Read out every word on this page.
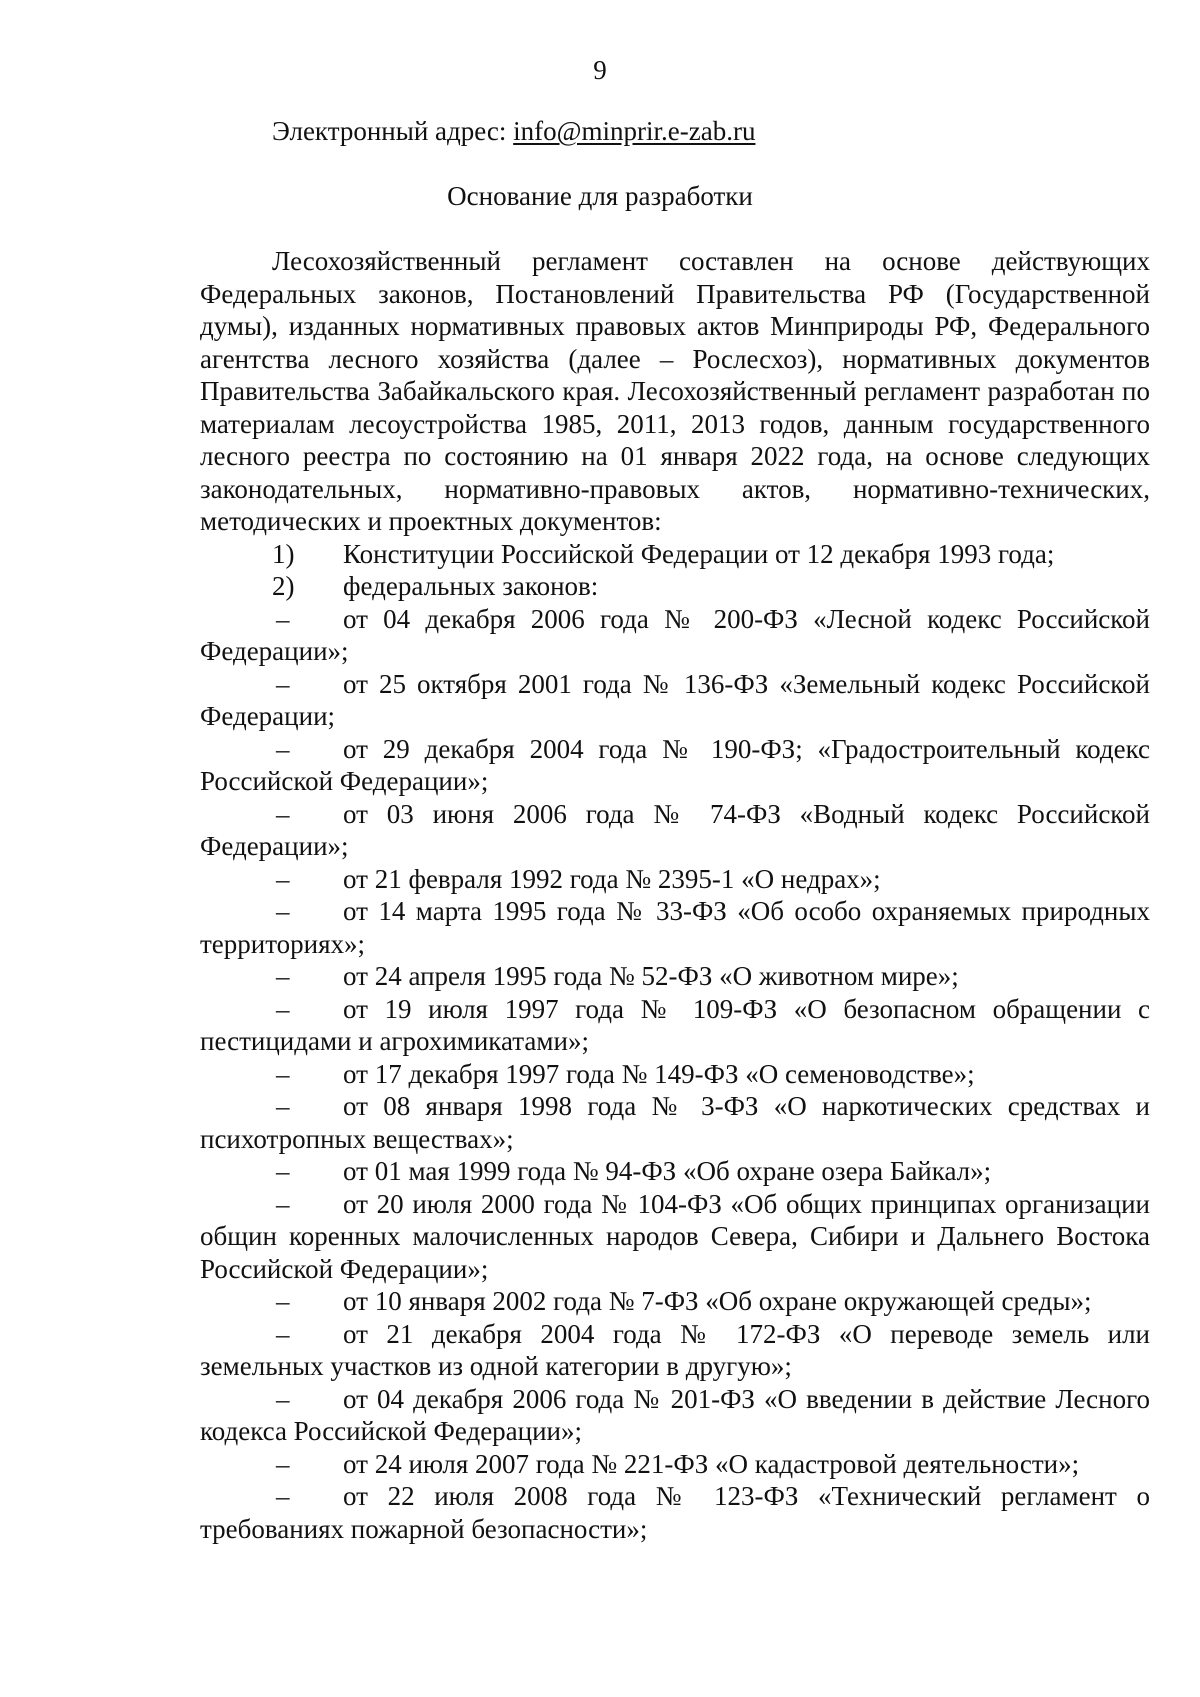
9
Электронный адрес: info@minprir.e-zab.ru
Основание для разработки

Лесохозяйственный регламент составлен на основе действующих Федеральных законов, Постановлений Правительства РФ (Государственной думы), изданных нормативных правовых актов Минприроды РФ, Федерального агентства лесного хозяйства (далее – Рослесхоз), нормативных документов Правительства Забайкальского края. Лесохозяйственный регламент разработан по материалам лесоустройства 1985, 2011, 2013 годов, данным государственного лесного реестра по состоянию на 01 января 2022 года, на основе следующих законодательных, нормативно-правовых актов, нормативно-технических, методических и проектных документов:

1)	Конституции Российской Федерации от 12 декабря 1993 года;
2)	федеральных законов:

– от 04 декабря 2006 года № 200-ФЗ «Лесной кодекс Российской Федерации»;

– от 25 октября 2001 года № 136-ФЗ «Земельный кодекс Российской Федерации;

– от 29 декабря 2004 года № 190-ФЗ; «Градостроительный кодекс Российской Федерации»;

– от 03 июня 2006 года № 74-ФЗ «Водный кодекс Российской Федерации»;

– от 21 февраля 1992 года № 2395-1 «О недрах»;

– от 14 марта 1995 года № 33-ФЗ «Об особо охраняемых природных территориях»;

– от 24 апреля 1995 года № 52-ФЗ «О животном мире»;

– от 19 июля 1997 года № 109-ФЗ «О безопасном обращении с пестицидами и агрохимикатами»;

– от 17 декабря 1997 года № 149-ФЗ «О семеноводстве»;

– от 08 января 1998 года № 3-ФЗ «О наркотических средствах и психотропных веществах»;

– от 01 мая 1999 года № 94-ФЗ «Об охране озера Байкал»;

– от 20 июля 2000 года № 104-ФЗ «Об общих принципах организации общин коренных малочисленных народов Севера, Сибири и Дальнего Востока Российской Федерации»;

– от 10 января 2002 года № 7-ФЗ «Об охране окружающей среды»;

– от 21 декабря 2004 года № 172-ФЗ «О переводе земель или земельных участков из одной категории в другую»;

– от 04 декабря 2006 года № 201-ФЗ «О введении в действие Лесного кодекса Российской Федерации»;

– от 24 июля 2007 года № 221-ФЗ «О кадастровой деятельности»;

– от 22 июля 2008 года № 123-ФЗ «Технический регламент о требованиях пожарной безопасности»;
